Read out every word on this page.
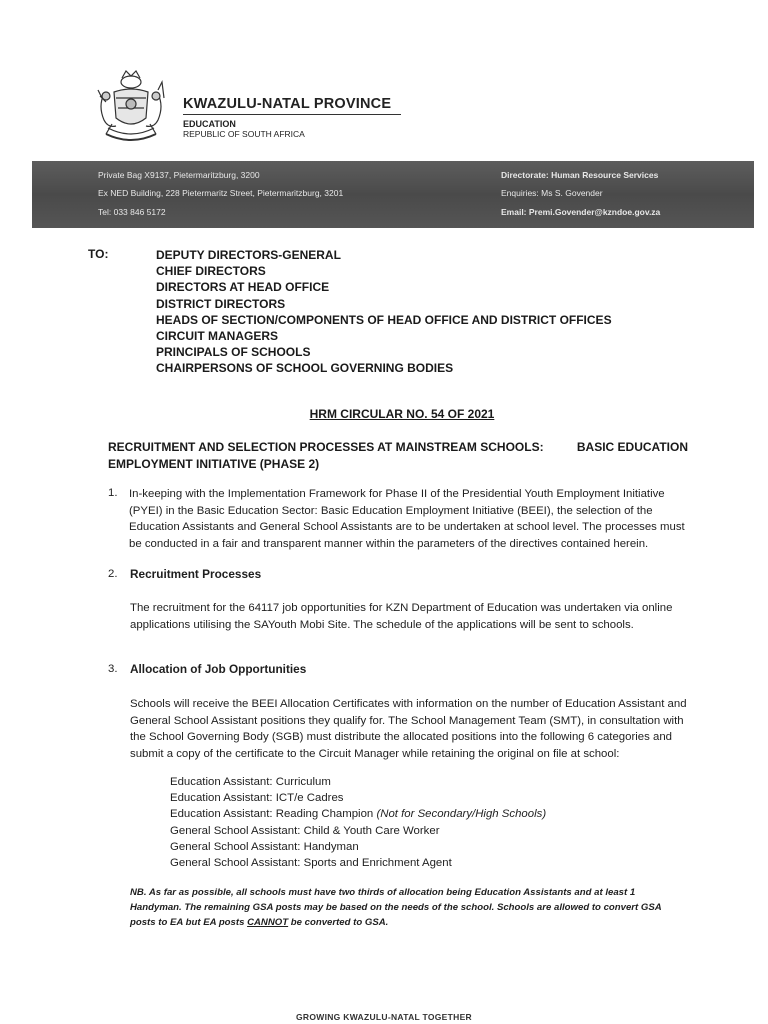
KWAZULU-NATAL PROVINCE
EDUCATION
REPUBLIC OF SOUTH AFRICA
Private Bag X9137, Pietermaritzburg, 3200
Ex NED Building, 228 Pietermaritz Street, Pietermaritzburg, 3201
Tel: 033 846 5172
Directorate: Human Resource Services
Enquiries: Ms S. Govender
Email: Premi.Govender@kzndoe.gov.za
TO:	DEPUTY DIRECTORS-GENERAL
CHIEF DIRECTORS
DIRECTORS AT HEAD OFFICE
DISTRICT DIRECTORS
HEADS OF SECTION/COMPONENTS OF HEAD OFFICE AND DISTRICT OFFICES
CIRCUIT MANAGERS
PRINCIPALS OF SCHOOLS
CHAIRPERSONS OF SCHOOL GOVERNING BODIES
HRM CIRCULAR NO. 54 OF 2021
RECRUITMENT AND SELECTION PROCESSES AT MAINSTREAM SCHOOLS:	BASIC EDUCATION
EMPLOYMENT INITIATIVE (PHASE 2)
1. In-keeping with the Implementation Framework for Phase II of the Presidential Youth Employment Initiative
(PYEI) in the Basic Education Sector: Basic Education Employment Initiative (BEEI), the selection of the
Education Assistants and General School Assistants are to be undertaken at school level. The processes must
be conducted in a fair and transparent manner within the parameters of the directives contained herein.
2. Recruitment Processes
The recruitment for the 64117 job opportunities for KZN Department of Education was undertaken via online
applications utilising the SAYouth Mobi Site. The schedule of the applications will be sent to schools.
3. Allocation of Job Opportunities
Schools will receive the BEEI Allocation Certificates with information on the number of Education Assistant and
General School Assistant positions they qualify for. The School Management Team (SMT), in consultation with
the School Governing Body (SGB) must distribute the allocated positions into the following 6 categories and
submit a copy of the certificate to the Circuit Manager while retaining the original on file at school:
Education Assistant: Curriculum
Education Assistant: ICT/e Cadres
Education Assistant: Reading Champion (Not for Secondary/High Schools)
General School Assistant: Child & Youth Care Worker
General School Assistant: Handyman
General School Assistant: Sports and Enrichment Agent
NB. As far as possible, all schools must have two thirds of allocation being Education Assistants and at least 1
Handyman. The remaining GSA posts may be based on the needs of the school. Schools are allowed to convert GSA
posts to EA but EA posts CANNOT be converted to GSA.
GROWING KWAZULU-NATAL TOGETHER
